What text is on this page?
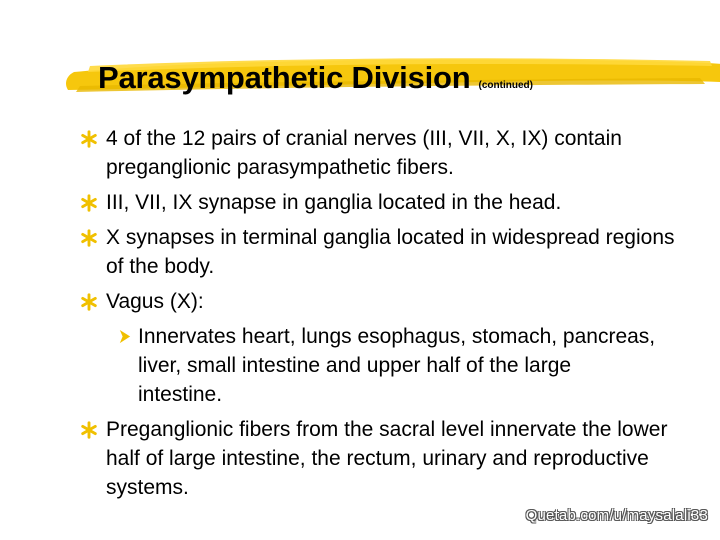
Parasympathetic Division (continued)
4 of the 12 pairs of cranial nerves (III, VII, X, IX) contain preganglionic parasympathetic fibers.
III, VII, IX synapse in ganglia located in the head.
X synapses in terminal ganglia located in widespread regions of the body.
Vagus (X):
Innervates heart, lungs esophagus, stomach, pancreas, liver, small intestine and upper half of the large intestine.
Preganglionic fibers from the sacral level innervate the lower half of large intestine, the rectum, urinary and reproductive systems.
Quetab.com/u/maysalali33
